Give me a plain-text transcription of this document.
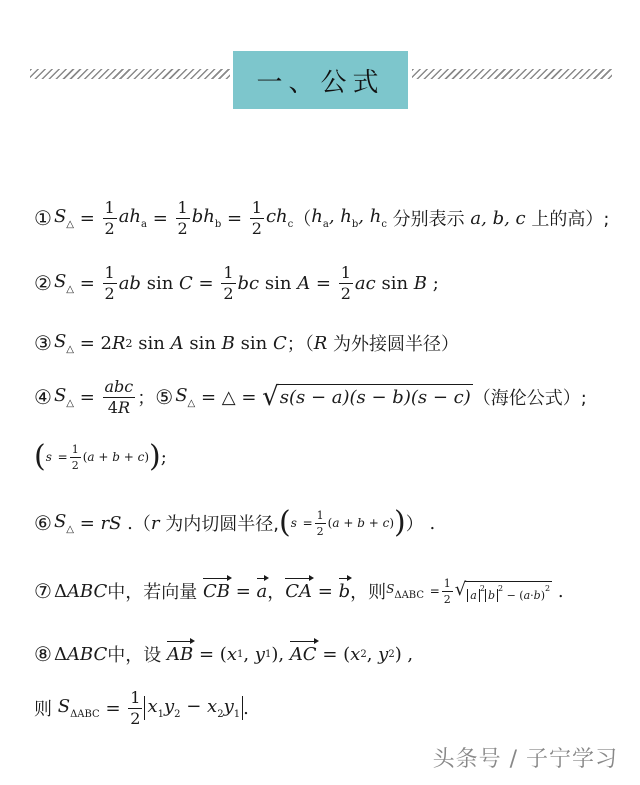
一、公式
① $S_\triangle = \frac{1}{2} ah_a = \frac{1}{2} bh_b = \frac{1}{2} ch_c$ （ $h_a$, $h_b$, $h_c$
分别表示
a, b, c
上的高 ）;
② $S_\triangle = \frac{1}{2}$ ab
sin
$C = \frac{1}{2}$ bc
sin
$A = \frac{1}{2}$ ac
sin
B ;
③ $S_\triangle = 2$ R 2
sin
A
sin
B
sin
C ；（ R
为外接圆半径 ）
④ $S_\triangle = \frac{\text{abc}}{4R}$ ； ⑤ $S_\triangle$ = △ = √ s(s − a)(s − b)(s − c) （海伦公式）;
( s
= $\frac{1}{2} (a + b + c)$ ) ;
⑥ $S_\triangle$ = rS . （ r
为内切圆半径, ( s
= $\frac{1}{2} (a + b + c)$ ) ） .
⑦ Δ ABC 中，若向量
CB = a ， CA = b ，则 $S_{\Delta ABC}$
= $\frac{1}{2}$ √ $a^2b^2 - (a\cdot b)^2$ .
⑧ Δ ABC 中，设
AB = ( x 1 , y 1 ), AC = ( x 2 , y 2 ) ,
则
$S_{\Delta ABC} = \frac{1}{2} x_1y_2 - x_2y_1$ .
头条号 / 子宁学习
